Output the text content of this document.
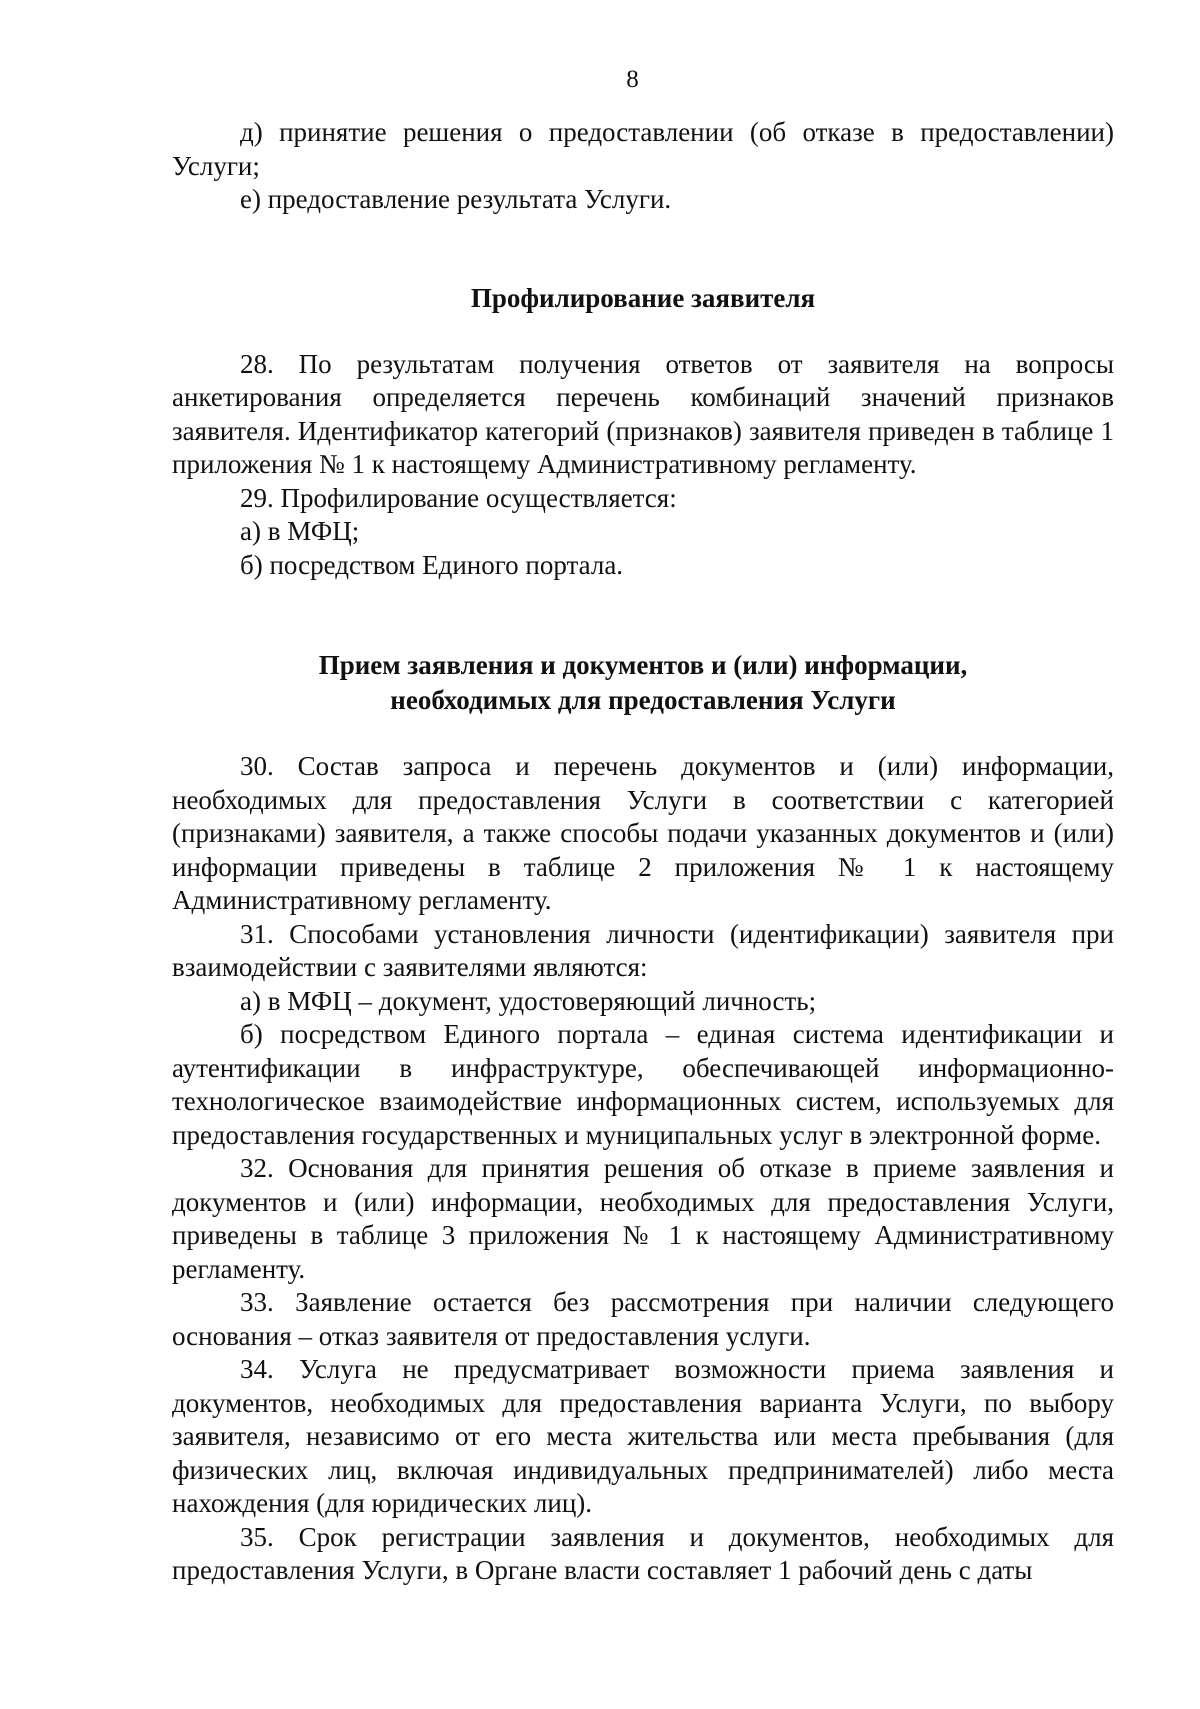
8

д) принятие решения о предоставлении (об отказе в предоставлении) Услуги;

е) предоставление результата Услуги.

Профилирование заявителя

28. По результатам получения ответов от заявителя на вопросы анкетирования определяется перечень комбинаций значений признаков заявителя. Идентификатор категорий (признаков) заявителя приведен в таблице 1 приложения № 1 к настоящему Административному регламенту.

29. Профилирование осуществляется:

а) в МФЦ;

б) посредством Единого портала.

Прием заявления и документов и (или) информации,
необходимых для предоставления Услуги

30. Состав запроса и перечень документов и (или) информации, необходимых для предоставления Услуги в соответствии с категорией (признаками) заявителя, а также способы подачи указанных документов и (или) информации приведены в таблице 2 приложения № 1 к настоящему Административному регламенту.

31. Способами установления личности (идентификации) заявителя при взаимодействии с заявителями являются:

а) в МФЦ – документ, удостоверяющий личность;

б) посредством Единого портала – единая система идентификации и аутентификации в инфраструктуре, обеспечивающей информационно-технологическое взаимодействие информационных систем, используемых для предоставления государственных и муниципальных услуг в электронной форме.

32. Основания для принятия решения об отказе в приеме заявления и документов и (или) информации, необходимых для предоставления Услуги, приведены в таблице 3 приложения № 1 к настоящему Административному регламенту.

33. Заявление остается без рассмотрения при наличии следующего основания – отказ заявителя от предоставления услуги.

34. Услуга не предусматривает возможности приема заявления и документов, необходимых для предоставления варианта Услуги, по выбору заявителя, независимо от его места жительства или места пребывания (для физических лиц, включая индивидуальных предпринимателей) либо места нахождения (для юридических лиц).

35. Срок регистрации заявления и документов, необходимых для предоставления Услуги, в Органе власти составляет 1 рабочий день с даты
